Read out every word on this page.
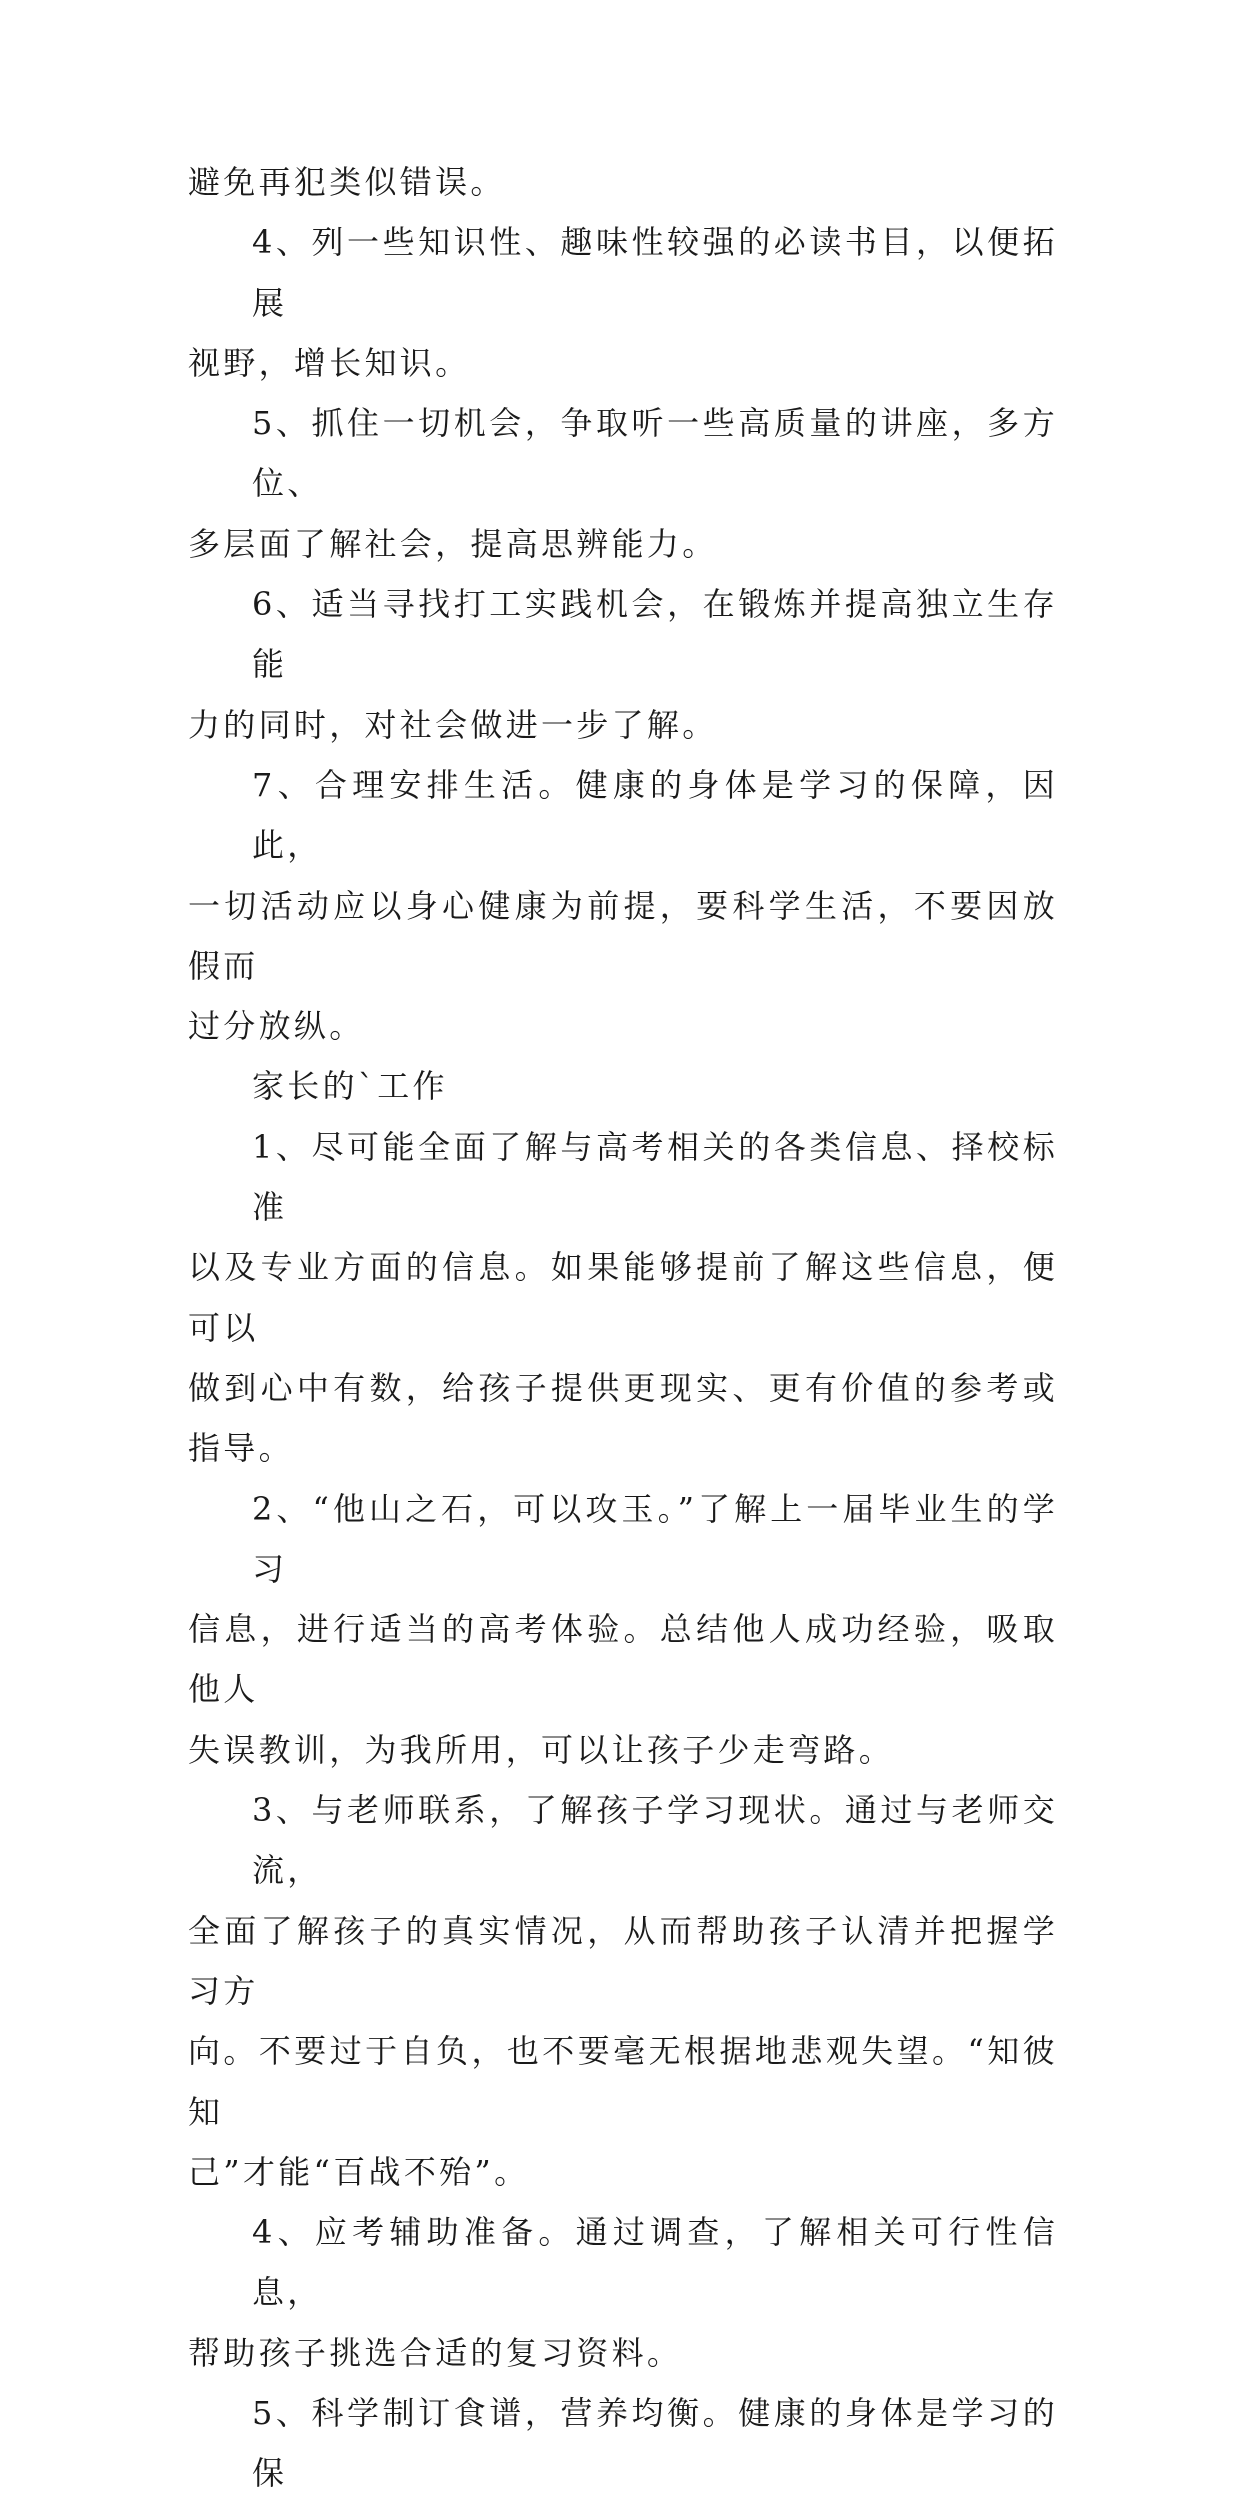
避免再犯类似错误。

4、列一些知识性、趣味性较强的必读书目，以便拓展
视野，增长知识。

5、抓住一切机会，争取听一些高质量的讲座，多方位、
多层面了解社会，提高思辨能力。

6、适当寻找打工实践机会，在锻炼并提高独立生存能
力的同时，对社会做进一步了解。

7、合理安排生活。健康的身体是学习的保障，因此，
一切活动应以身心健康为前提，要科学生活，不要因放假而
过分放纵。

家长的`工作

1、尽可能全面了解与高考相关的各类信息、择校标准
以及专业方面的信息。如果能够提前了解这些信息，便可以
做到心中有数，给孩子提供更现实、更有价值的参考或指导。

2、“他山之石，可以攻玉。”了解上一届毕业生的学习
信息，进行适当的高考体验。总结他人成功经验，吸取他人
失误教训，为我所用，可以让孩子少走弯路。

3、与老师联系，了解孩子学习现状。通过与老师交流，
全面了解孩子的真实情况，从而帮助孩子认清并把握学习方
向。不要过于自负，也不要毫无根据地悲观失望。“知彼知
己”才能“百战不殆”。

4、应考辅助准备。通过调查，了解相关可行性信息，
帮助孩子挑选合适的复习资料。

5、科学制订食谱，营养均衡。健康的身体是学习的保
